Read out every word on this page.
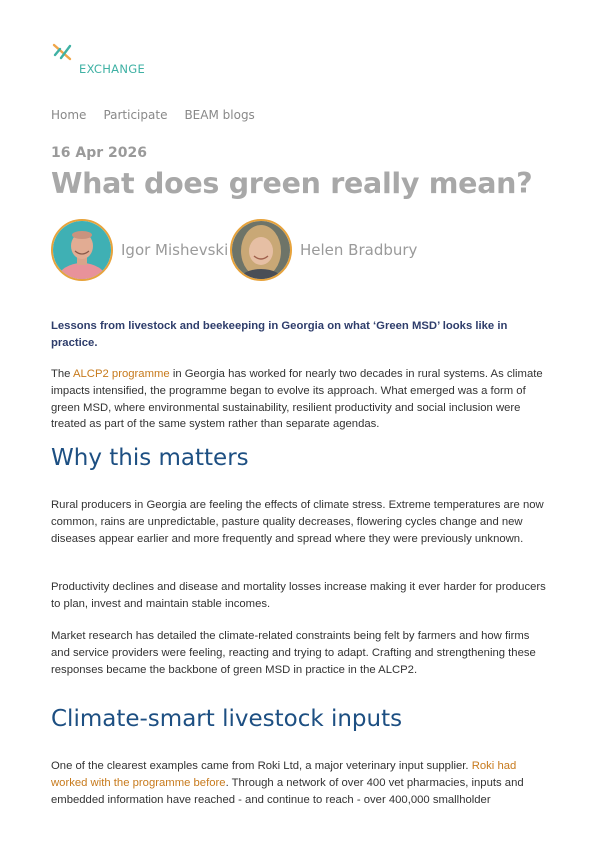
EXCHANGE
Home Participate BEAM blogs
16 Apr 2026
What does green really mean?
Igor Mishevski	Helen Bradbury

Lessons from livestock and beekeeping in Georgia on what ‘Green MSD’ looks like in practice.

The ALCP2 programme in Georgia has worked for nearly two decades in rural systems. As climate impacts intensified, the programme began to evolve its approach. What emerged was a form of green MSD, where environmental sustainability, resilient productivity and social inclusion were treated as part of the same system rather than separate agendas.

Why this matters

Rural producers in Georgia are feeling the effects of climate stress. Extreme temperatures are now common, rains are unpredictable, pasture quality decreases, flowering cycles change and new diseases appear earlier and more frequently and spread where they were previously unknown.

Productivity declines and disease and mortality losses increase making it ever harder for producers to plan, invest and maintain stable incomes.

Market research has detailed the climate-related constraints being felt by farmers and how firms and service providers were feeling, reacting and trying to adapt. Crafting and strengthening these responses became the backbone of green MSD in practice in the ALCP2.

Climate-smart livestock inputs

One of the clearest examples came from Roki Ltd, a major veterinary input supplier. Roki had worked with the programme before. Through a network of over 400 vet pharmacies, inputs and embedded information have reached - and continue to reach - over 400,000 smallholder
